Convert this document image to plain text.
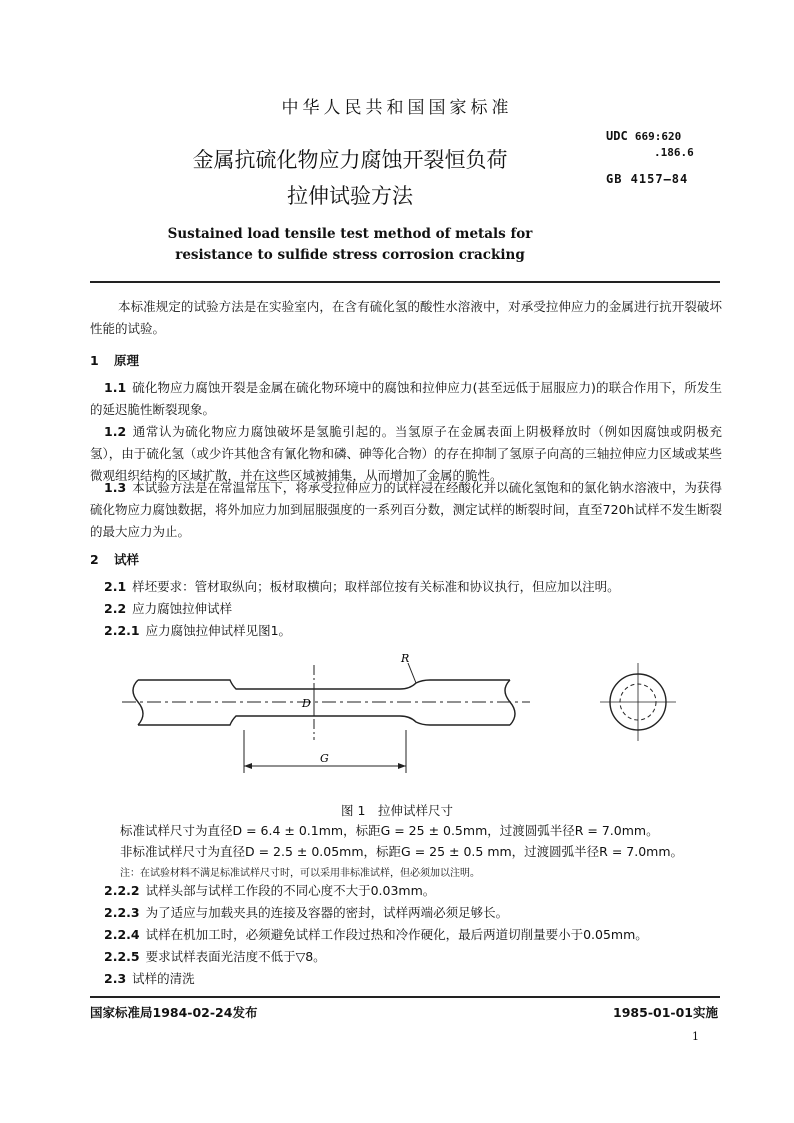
中华人民共和国国家标准
UDC 669:620
.186.6
GB 4157—84
金属抗硫化物应力腐蚀开裂恒负荷
拉伸试验方法
Sustained load tensile test method of metals for
resistance to sulfide stress corrosion cracking
本标准规定的试验方法是在实验室内，在含有硫化氢的酸性水溶液中，对承受拉伸应力的金属进行抗开裂破坏性能的试验。
1 原理
1.1 硫化物应力腐蚀开裂是金属在硫化物环境中的腐蚀和拉伸应力(甚至远低于屈服应力)的联合作用下，所发生的延迟脆性断裂现象。
1.2 通常认为硫化物应力腐蚀破坏是氢脆引起的。当氢原子在金属表面上阴极释放时（例如因腐蚀或阴极充氢），由于硫化氢（或少许其他含有氰化物和磷、砷等化合物）的存在抑制了氢原子向高的三轴拉伸应力区域或某些微观组织结构的区域扩散，并在这些区域被捕集，从而增加了金属的脆性。
1.3 本试验方法是在常温常压下，将承受拉伸应力的试样浸在经酸化并以硫化氢饱和的氯化钠水溶液中，为获得硫化物应力腐蚀数据，将外加应力加到屈服强度的一系列百分数，测定试样的断裂时间，直至720h试样不发生断裂的最大应力为止。
2 试样
2.1 样坯要求：管材取纵向；板材取横向；取样部位按有关标准和协议执行，但应加以注明。
2.2 应力腐蚀拉伸试样
2.2.1 应力腐蚀拉伸试样见图1。
D
R
G
图 1　拉伸试样尺寸
标准试样尺寸为直径D = 6.4 ± 0.1mm，标距G = 25 ± 0.5mm，过渡圆弧半径R = 7.0mm。
非标准试样尺寸为直径D = 2.5 ± 0.05mm，标距G = 25 ± 0.5 mm，过渡圆弧半径R = 7.0mm。
注：在试验材料不满足标准试样尺寸时，可以采用非标准试样，但必须加以注明。
2.2.2 试样头部与试样工作段的不同心度不大于0.03mm。
2.2.3 为了适应与加载夹具的连接及容器的密封，试样两端必须足够长。
2.2.4 试样在机加工时，必须避免试样工作段过热和冷作硬化，最后两道切削量要小于0.05mm。
2.2.5 要求试样表面光洁度不低于▽8。
2.3 试样的清洗
国家标准局1984-02-24发布	1985-01-01实施
1
